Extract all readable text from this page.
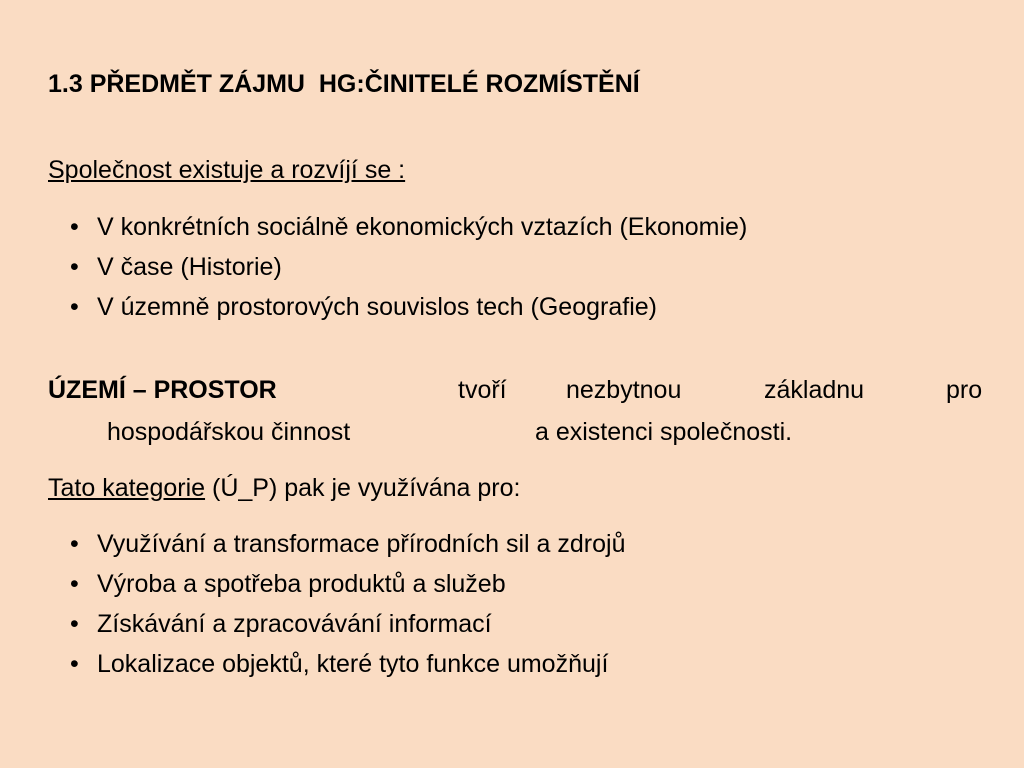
1.3 PŘEDMĚT ZÁJMU  HG:ČINITELÉ ROZMÍSTĚNÍ

Společnost existuje a rozvíjí se :

• V konkrétních sociálně ekonomických vztazích (Ekonomie)
• V čase (Historie)
• V územně prostorových souvislos tech (Geografie)
ÚZEMÍ – PROSTOR	tvoří nezbytnou	základnu	pro
hospodářskou činnost	a existenci společnosti.

Tato kategorie (Ú_P) pak je využívána pro:

• Využívání a transformace přírodních sil a zdrojů
• Výroba a spotřeba produktů a služeb
• Získávání a zpracovávání informací
• Lokalizace objektů, které tyto funkce umožňují
